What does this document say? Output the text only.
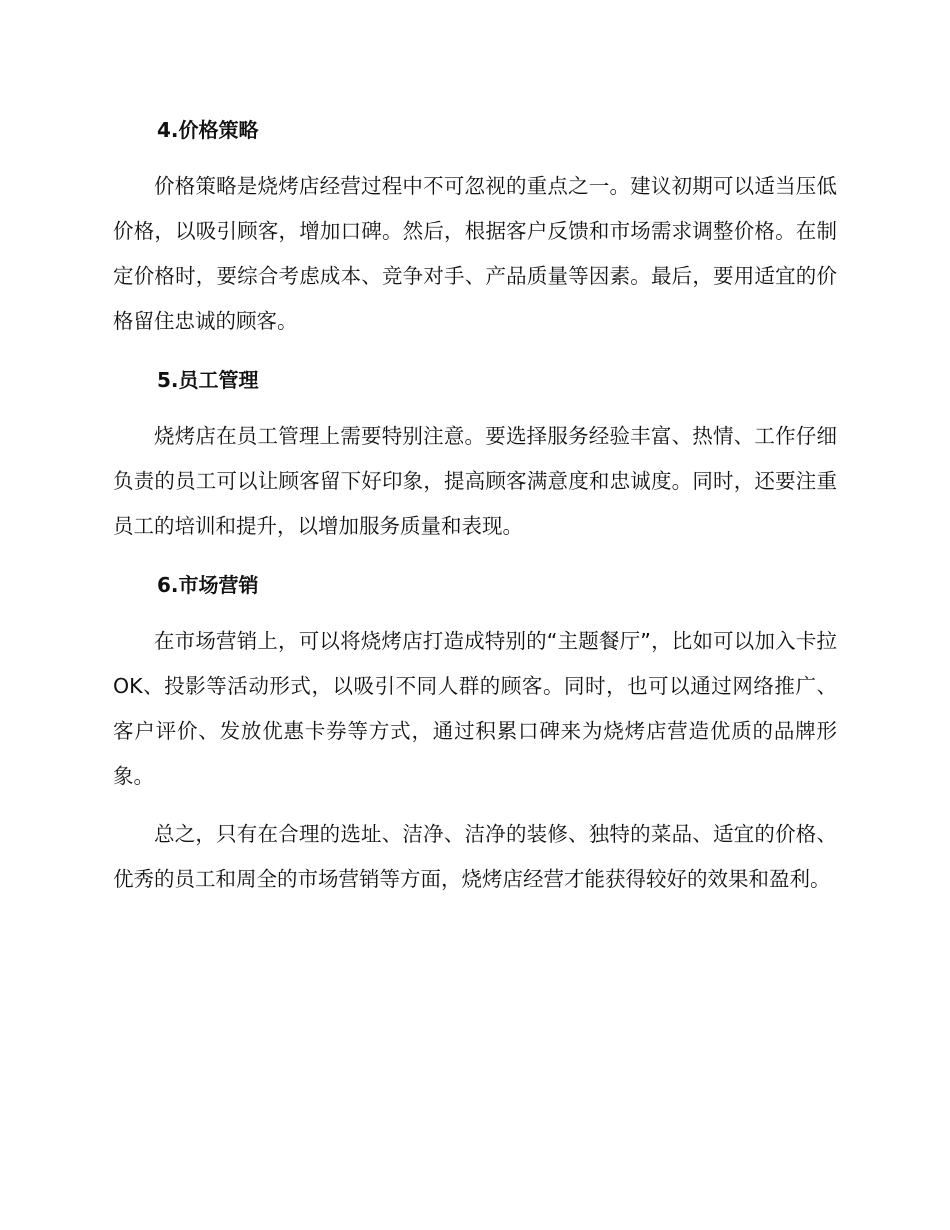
4.价格策略

价格策略是烧烤店经营过程中不可忽视的重点之一。建议初期可以适当压低价格，以吸引顾客，增加口碑。然后，根据客户反馈和市场需求调整价格。在制定价格时，要综合考虑成本、竞争对手、产品质量等因素。最后，要用适宜的价格留住忠诚的顾客。

5.员工管理

烧烤店在员工管理上需要特别注意。要选择服务经验丰富、热情、工作仔细负责的员工可以让顾客留下好印象，提高顾客满意度和忠诚度。同时，还要注重员工的培训和提升，以增加服务质量和表现。

6.市场营销

在市场营销上，可以将烧烤店打造成特别的“主题餐厅”，比如可以加入卡拉 OK、投影等活动形式，以吸引不同人群的顾客。同时，也可以通过网络推广、客户评价、发放优惠卡券等方式，通过积累口碑来为烧烤店营造优质的品牌形象。

总之，只有在合理的选址、洁净、洁净的装修、独特的菜品、适宜的价格、优秀的员工和周全的市场营销等方面，烧烤店经营才能获得较好的效果和盈利。
